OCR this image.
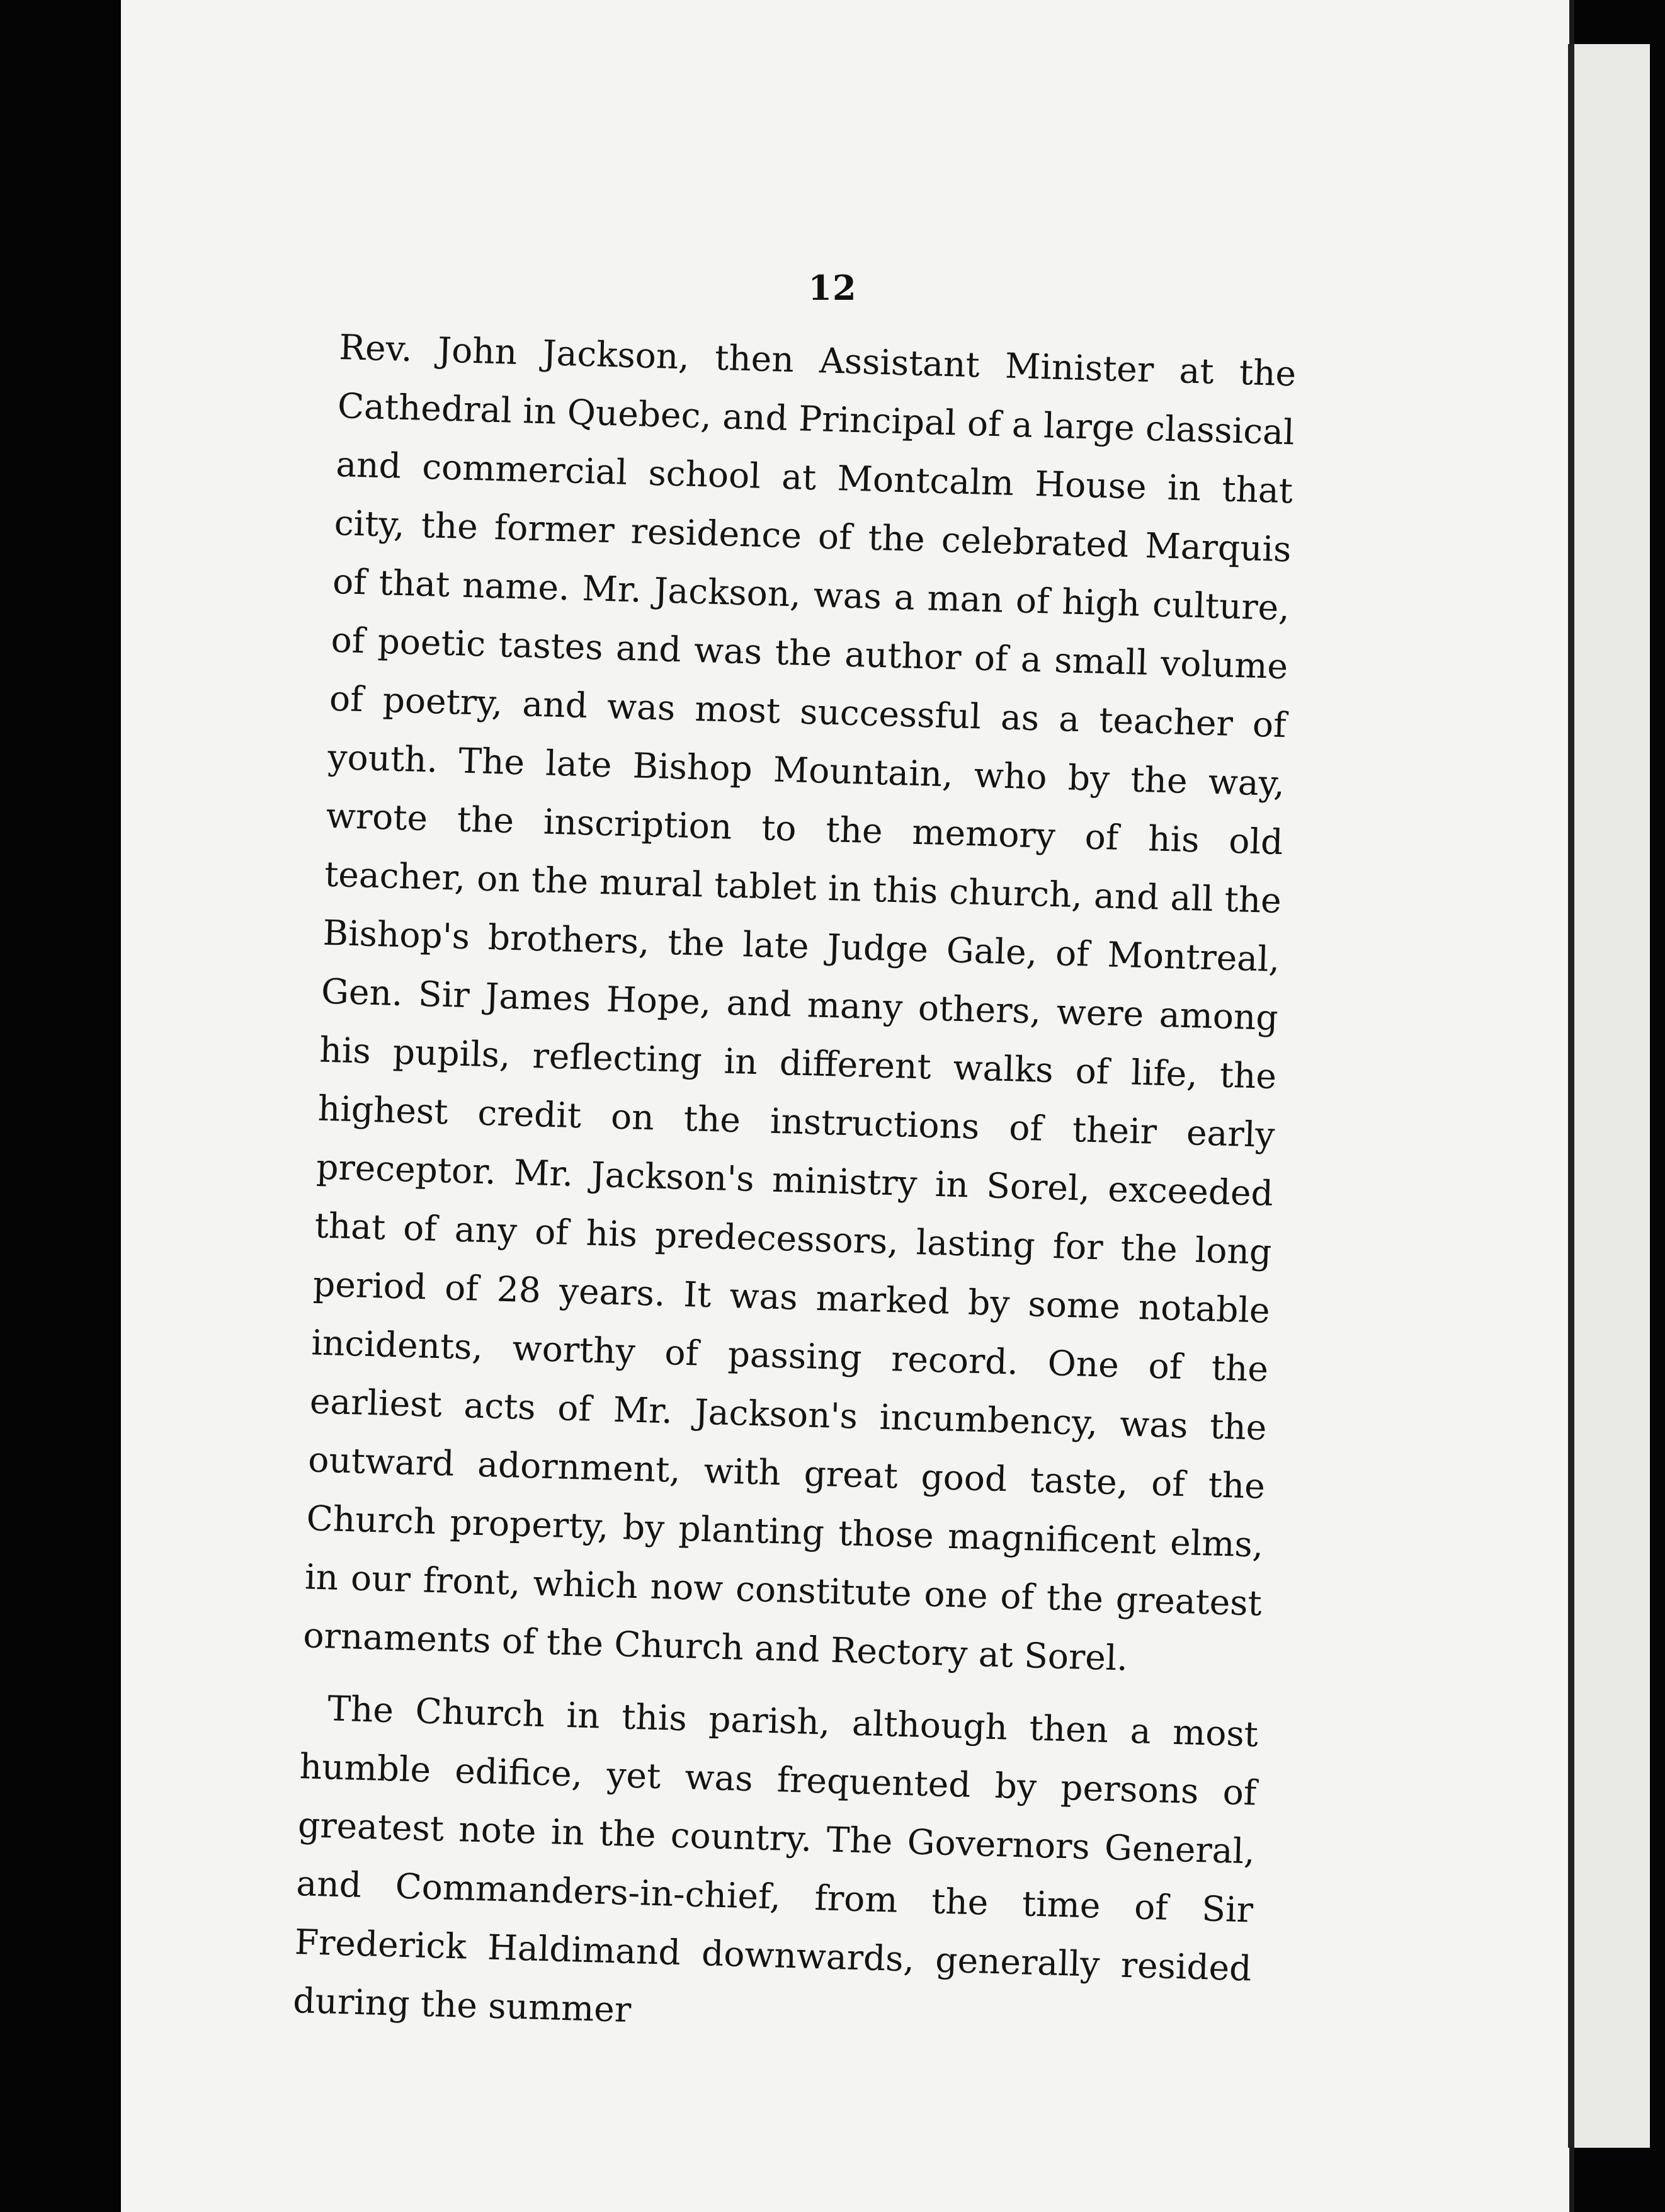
12

Rev. John Jackson, then Assistant Minister at the Cathedral in Quebec, and Principal of a large classical and commercial school at Montcalm House in that city, the former residence of the celebrated Marquis of that name. Mr. Jackson, was a man of high culture, of poetic tastes and was the author of a small volume of poetry, and was most successful as a teacher of youth. The late Bishop Mountain, who by the way, wrote the inscription to the memory of his old teacher, on the mural tablet in this church, and all the Bishop's brothers, the late Judge Gale, of Montreal, Gen. Sir James Hope, and many others, were among his pupils, reflecting in different walks of life, the highest credit on the instructions of their early preceptor. Mr. Jackson's ministry in Sorel, exceeded that of any of his predecessors, lasting for the long period of 28 years. It was marked by some notable incidents, worthy of passing record. One of the earliest acts of Mr. Jackson's incumbency, was the outward adornment, with great good taste, of the Church property, by planting those magnificent elms, in our front, which now constitute one of the greatest ornaments of the Church and Rectory at Sorel.

The Church in this parish, although then a most humble edifice, yet was frequented by persons of greatest note in the country. The Governors General, and Commanders-in-chief, from the time of Sir Frederick Haldimand downwards, generally resided during the summer
